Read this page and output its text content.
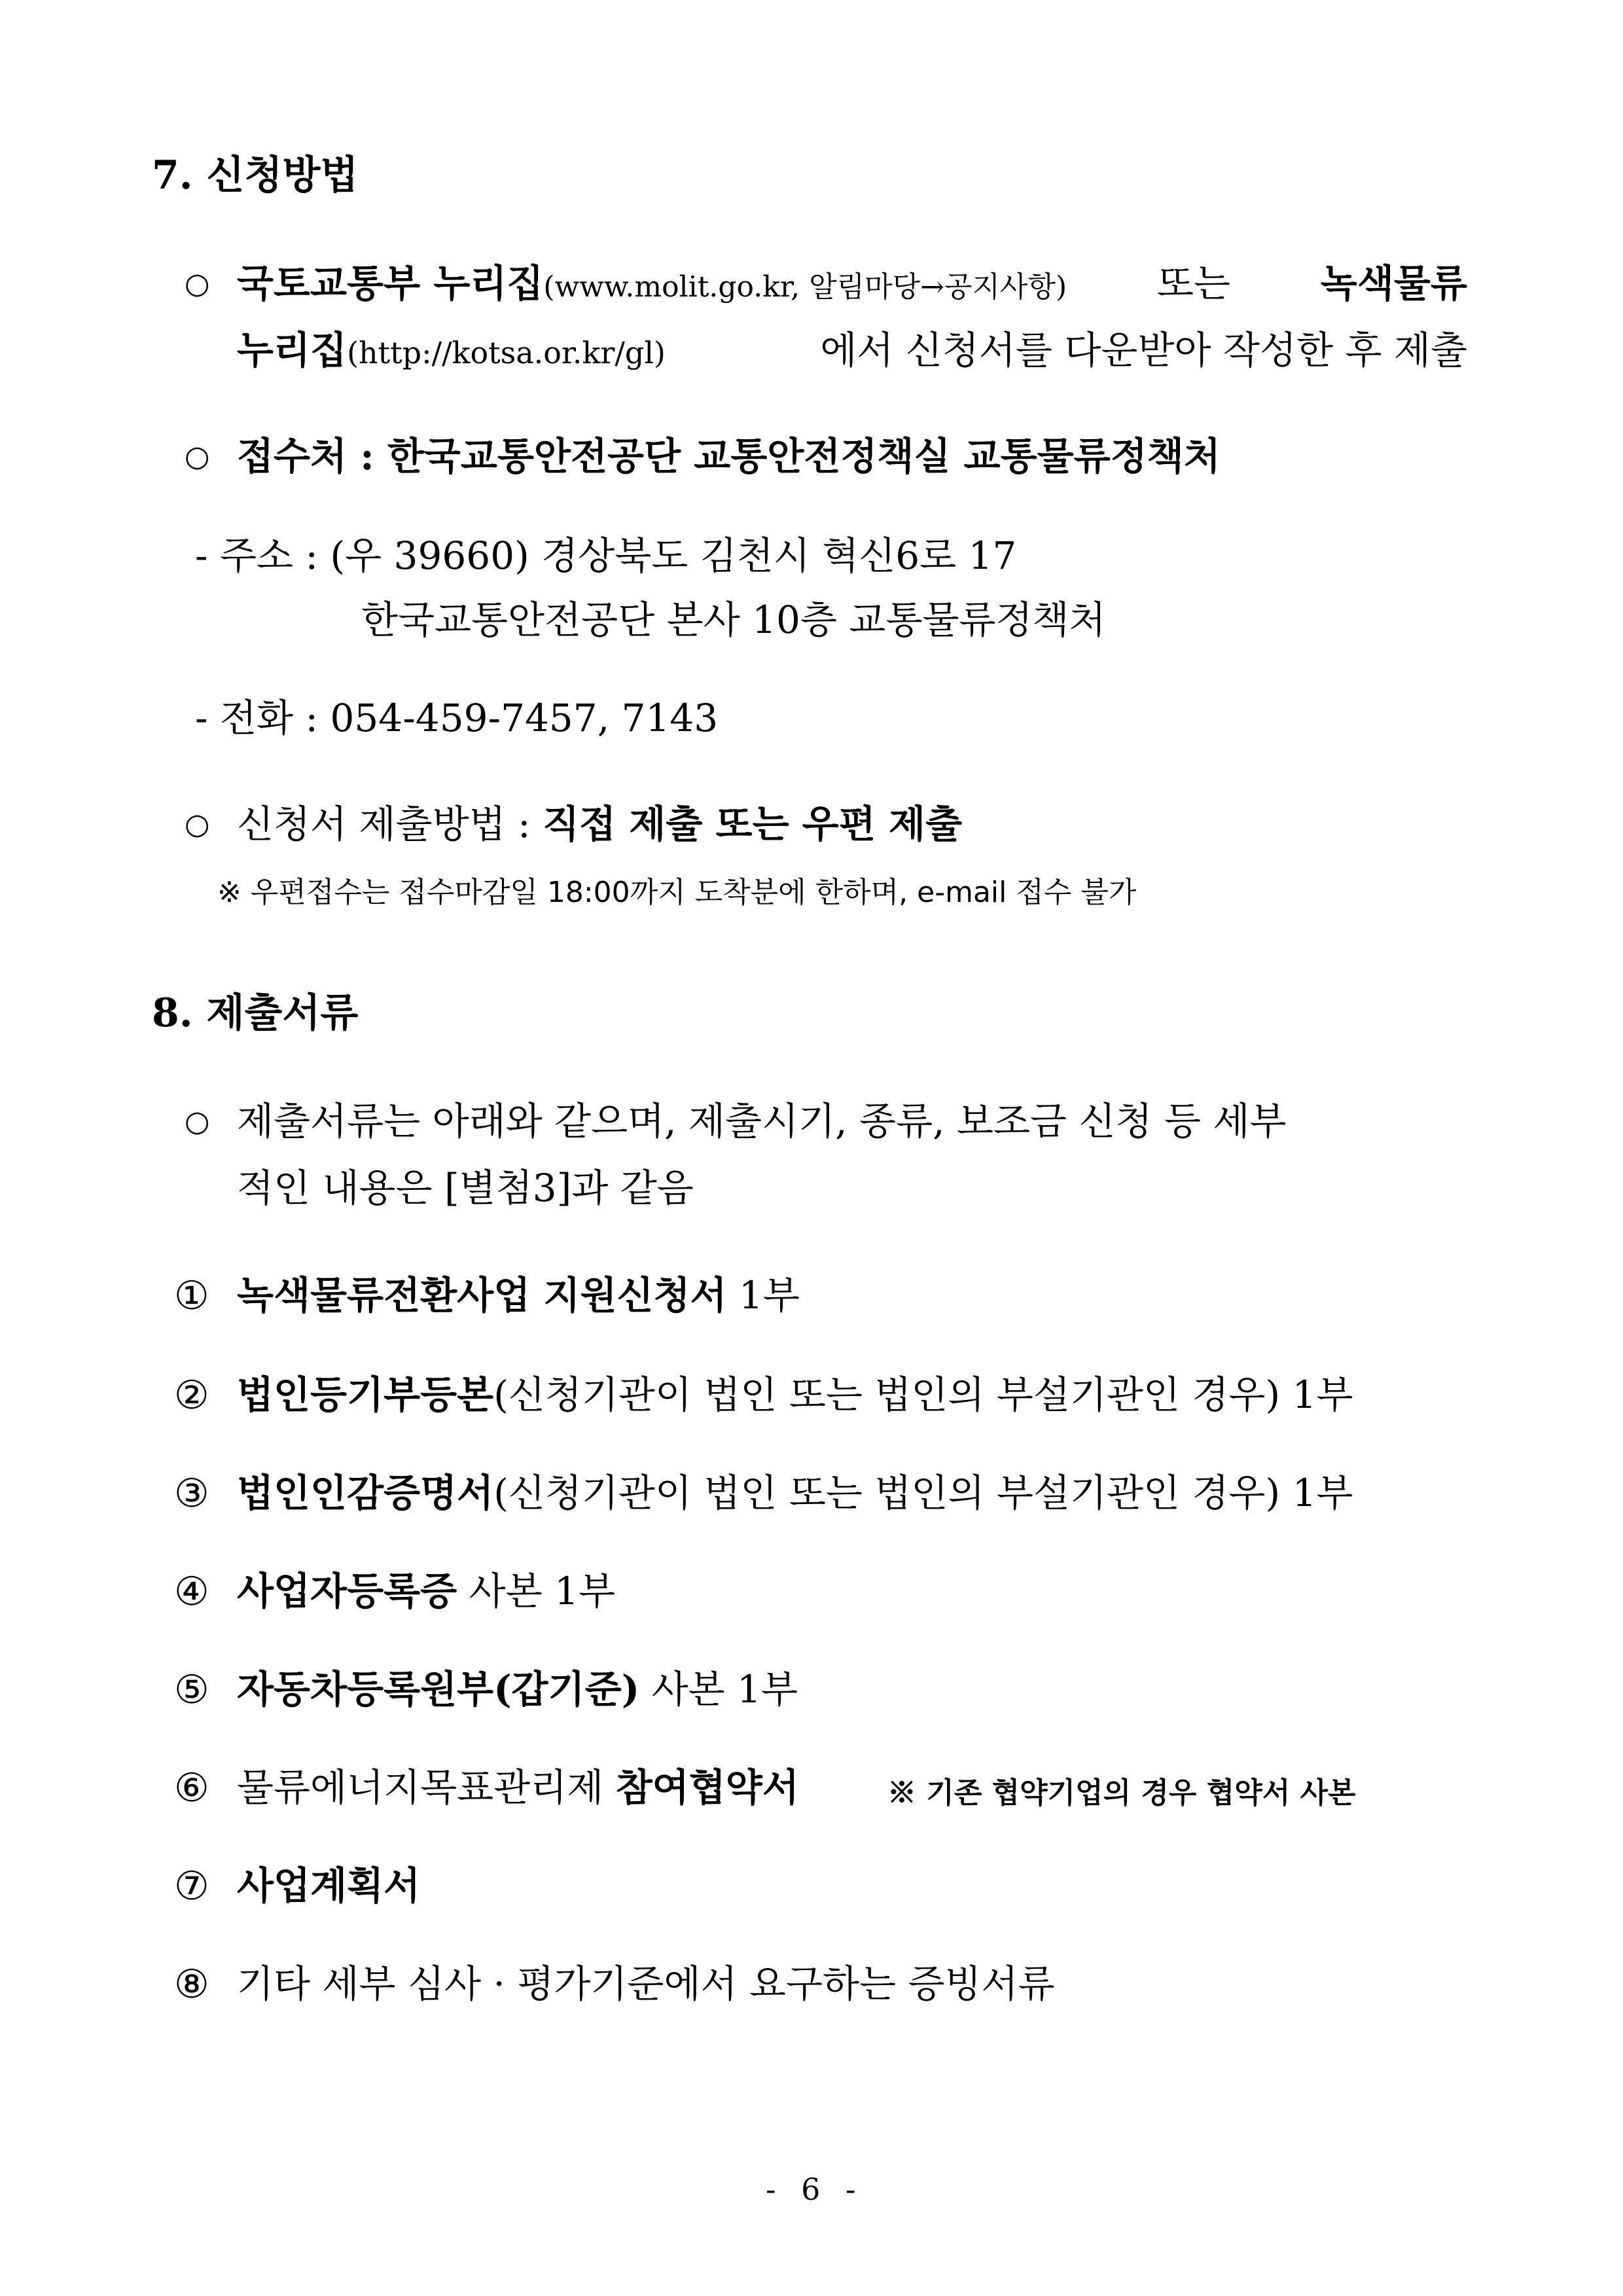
7. 신청방법
○ 국토교통부 누리집(www.molit.go.kr, 알림마당→공지사항) 또는 녹색물류
누리집(http://kotsa.or.kr/gl)	에서 신청서를 다운받아 작성한 후 제출
○ 접수처 : 한국교통안전공단 교통안전정책실 교통물류정책처
- 주소 : (우 39660) 경상북도 김천시 혁신6로 17
한국교통안전공단 본사 10층 교통물류정책처
- 전화 : 054-459-7457, 7143
○ 신청서 제출방법 : 직접 제출 또는 우편 제출
※ 우편접수는 접수마감일 18:00까지 도착분에 한하며, e-mail 접수 불가
8. 제출서류
○ 제출서류는 아래와 같으며, 제출시기, 종류, 보조금 신청 등 세부
적인 내용은 [별첨3]과 같음
① 녹색물류전환사업 지원신청서 1부
② 법인등기부등본(신청기관이 법인 또는 법인의 부설기관인 경우) 1부
③ 법인인감증명서(신청기관이 법인 또는 법인의 부설기관인 경우) 1부
④ 사업자등록증 사본 1부
⑤ 자동차등록원부(갑기준) 사본 1부
⑥ 물류에너지목표관리제 참여협약서	※ 기존 협약기업의 경우 협약서 사본
⑦ 사업계획서
⑧ 기타 세부 심사 · 평가기준에서 요구하는 증빙서류
- 6 -
